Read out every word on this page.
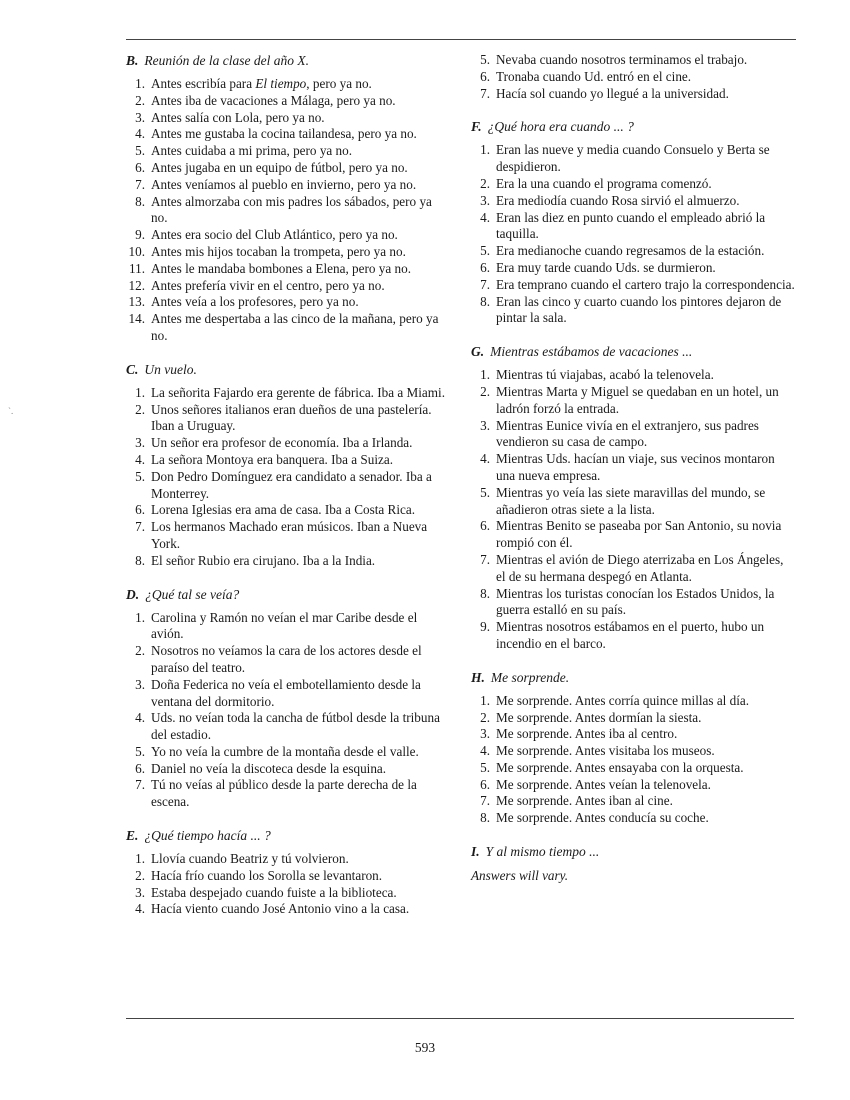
`.
B. Reunión de la clase del año X.
1. Antes escribía para El tiempo, pero ya no.
2. Antes iba de vacaciones a Málaga, pero ya no.
3. Antes salía con Lola, pero ya no.
4. Antes me gustaba la cocina tailandesa, pero ya no.
5. Antes cuidaba a mi prima, pero ya no.
6. Antes jugaba en un equipo de fútbol, pero ya no.
7. Antes veníamos al pueblo en invierno, pero ya no.
8. Antes almorzaba con mis padres los sábados, pero ya no.
9. Antes era socio del Club Atlántico, pero ya no.
10. Antes mis hijos tocaban la trompeta, pero ya no.
11. Antes le mandaba bombones a Elena, pero ya no.
12. Antes prefería vivir en el centro, pero ya no.
13. Antes veía a los profesores, pero ya no.
14. Antes me despertaba a las cinco de la mañana, pero ya no.
C. Un vuelo.
1. La señorita Fajardo era gerente de fábrica. Iba a Miami.
2. Unos señores italianos eran dueños de una pastelería. Iban a Uruguay.
3. Un señor era profesor de economía. Iba a Irlanda.
4. La señora Montoya era banquera. Iba a Suiza.
5. Don Pedro Domínguez era candidato a senador. Iba a Monterrey.
6. Lorena Iglesias era ama de casa. Iba a Costa Rica.
7. Los hermanos Machado eran músicos. Iban a Nueva York.
8. El señor Rubio era cirujano. Iba a la India.
D. ¿Qué tal se veía?
1. Carolina y Ramón no veían el mar Caribe desde el avión.
2. Nosotros no veíamos la cara de los actores desde el paraíso del teatro.
3. Doña Federica no veía el embotellamiento desde la ventana del dormitorio.
4. Uds. no veían toda la cancha de fútbol desde la tribuna del estadio.
5. Yo no veía la cumbre de la montaña desde el valle.
6. Daniel no veía la discoteca desde la esquina.
7. Tú no veías al público desde la parte derecha de la escena.
E. ¿Qué tiempo hacía ... ?
1. Llovía cuando Beatriz y tú volvieron.
2. Hacía frío cuando los Sorolla se levantaron.
3. Estaba despejado cuando fuiste a la biblioteca.
4. Hacía viento cuando José Antonio vino a la casa.
5. Nevaba cuando nosotros terminamos el trabajo.
6. Tronaba cuando Ud. entró en el cine.
7. Hacía sol cuando yo llegué a la universidad.
F. ¿Qué hora era cuando ... ?
1. Eran las nueve y media cuando Consuelo y Berta se despidieron.
2. Era la una cuando el programa comenzó.
3. Era mediodía cuando Rosa sirvió el almuerzo.
4. Eran las diez en punto cuando el empleado abrió la taquilla.
5. Era medianoche cuando regresamos de la estación.
6. Era muy tarde cuando Uds. se durmieron.
7. Era temprano cuando el cartero trajo la correspondencia.
8. Eran las cinco y cuarto cuando los pintores dejaron de pintar la sala.
G. Mientras estábamos de vacaciones ...
1. Mientras tú viajabas, acabó la telenovela.
2. Mientras Marta y Miguel se quedaban en un hotel, un ladrón forzó la entrada.
3. Mientras Eunice vivía en el extranjero, sus padres vendieron su casa de campo.
4. Mientras Uds. hacían un viaje, sus vecinos montaron una nueva empresa.
5. Mientras yo veía las siete maravillas del mundo, se añadieron otras siete a la lista.
6. Mientras Benito se paseaba por San Antonio, su novia rompió con él.
7. Mientras el avión de Diego aterrizaba en Los Ángeles, el de su hermana despegó en Atlanta.
8. Mientras los turistas conocían los Estados Unidos, la guerra estalló en su país.
9. Mientras nosotros estábamos en el puerto, hubo un incendio en el barco.
H. Me sorprende.
1. Me sorprende. Antes corría quince millas al día.
2. Me sorprende. Antes dormían la siesta.
3. Me sorprende. Antes iba al centro.
4. Me sorprende. Antes visitaba los museos.
5. Me sorprende. Antes ensayaba con la orquesta.
6. Me sorprende. Antes veían la telenovela.
7. Me sorprende. Antes iban al cine.
8. Me sorprende. Antes conducía su coche.
I. Y al mismo tiempo ...

Answers will vary.

593
